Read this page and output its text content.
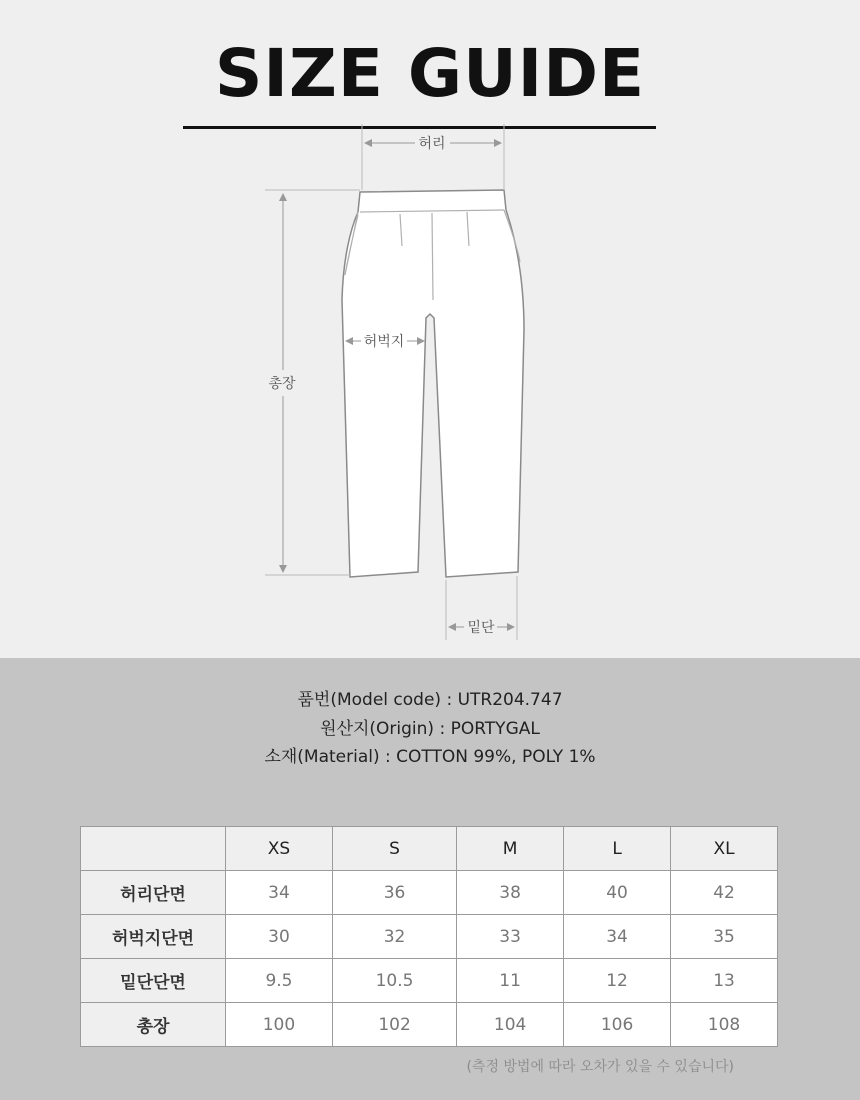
SIZE GUIDE
허리
총장
허벅지
밑단
품번(Model code) : UTR204.747
원산지(Origin) : PORTYGAL
소재(Material) : COTTON 99%, POLY 1%
	XS	S	M	L	XL
허리단면	34	36	38	40	42
허벅지단면	30	32	33	34	35
밑단단면	9.5	10.5	11	12	13
총장	100	102	104	106	108
(측정 방법에 따라 오차가 있을 수 있습니다)
